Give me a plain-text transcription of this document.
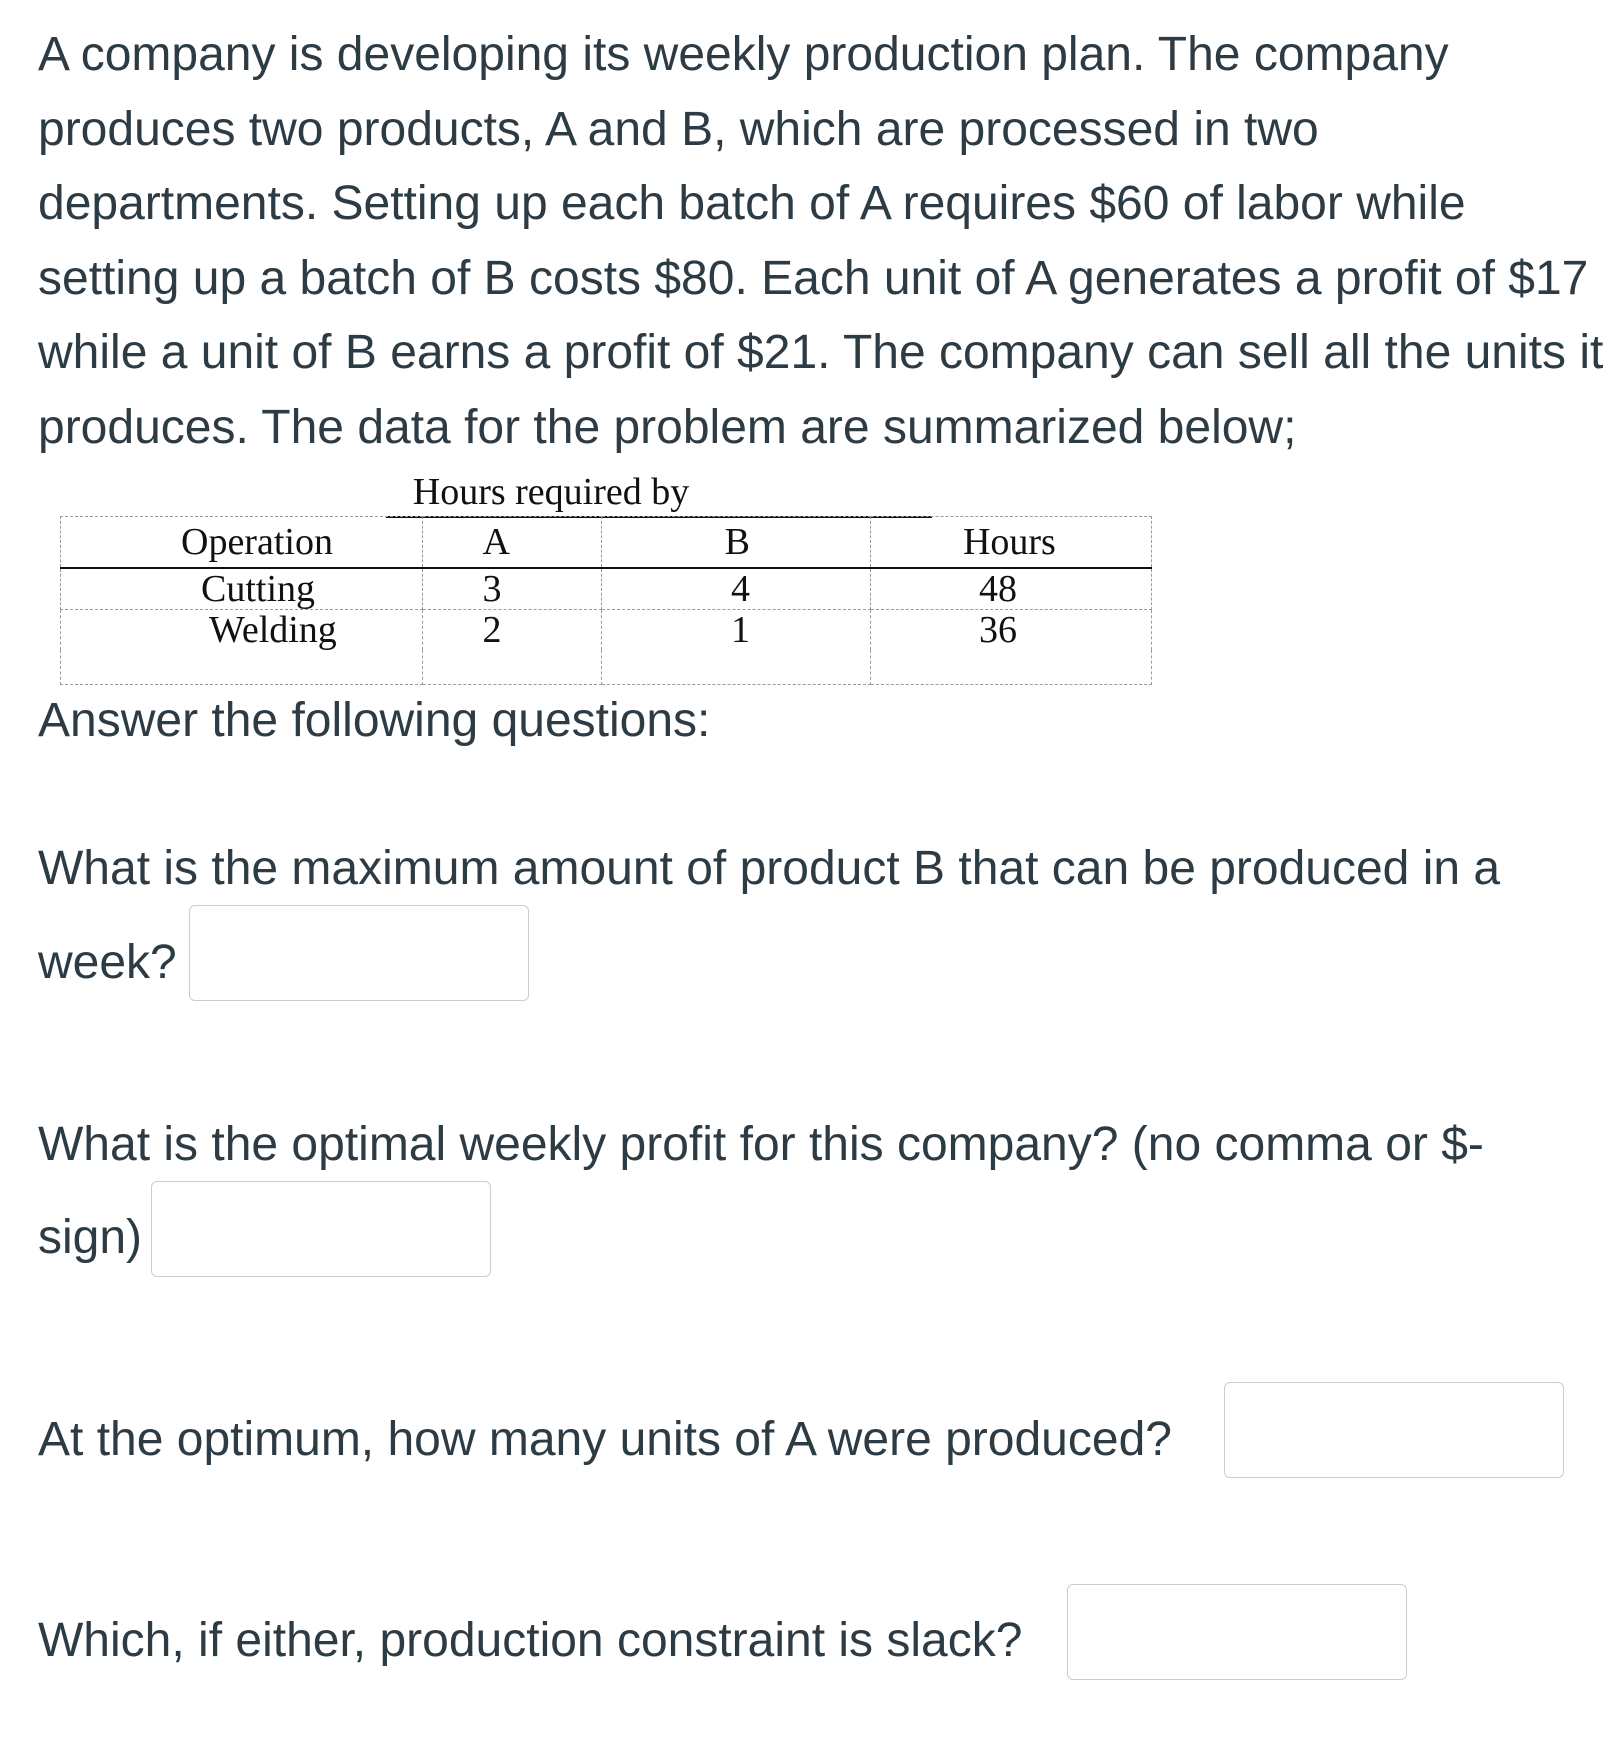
A company is developing its weekly production plan. The company produces two products, A and B, which are processed in two departments. Setting up each batch of A requires $60 of labor while setting up a batch of B costs $80. Each unit of A generates a profit of $17 while a unit of B earns a profit of $21. The company can sell all the units it produces. The data for the problem are summarized below;

Hours required by
Operation	A	B	Hours
Cutting	3	4	48
Welding	2	1	36

Answer the following questions:

What is the maximum amount of product B that can be produced in a

week?

What is the optimal weekly profit for this company? (no comma or $-

sign)

At the optimum, how many units of A were produced?

Which, if either, production constraint is slack?
